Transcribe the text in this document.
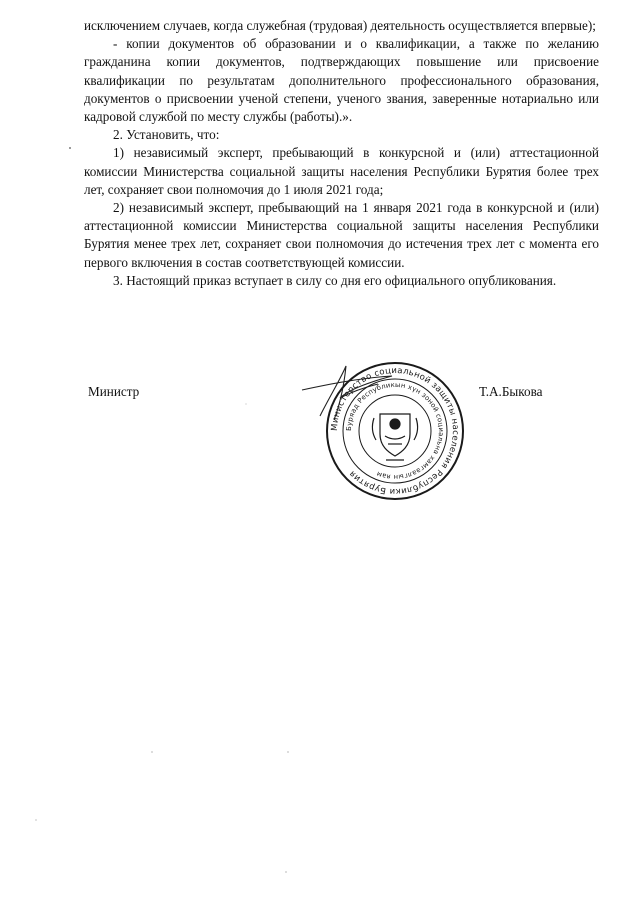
исключением случаев, когда служебная (трудовая) деятельность осуществляется впервые);

- копии документов об образовании и о квалификации, а также по желанию гражданина копии документов, подтверждающих повышение или присвоение квалификации по результатам дополнительного профессионального образования, документов о присвоении ученой степени, ученого звания, заверенные нотариально или кадровой службой по месту службы (работы).».

2. Установить, что:

1) независимый эксперт, пребывающий в конкурсной и (или) аттестационной комиссии Министерства социальной защиты населения Республики Бурятия более трех лет, сохраняет свои полномочия до 1 июля 2021 года;

2) независимый эксперт, пребывающий на 1 января 2021 года в конкурсной и (или) аттестационной комиссии Министерства социальной защиты населения Республики Бурятия менее трех лет, сохраняет свои полномочия до истечения трех лет с момента его первого включения в состав соответствующей комиссии.

3. Настоящий приказ вступает в силу со дня его официального опубликования.

Министр	Т.А.Быкова
Министерство социальной защиты населения Республики Бурятия
Буряад Республикын хүн зоной социальна хамгаалгын яам
